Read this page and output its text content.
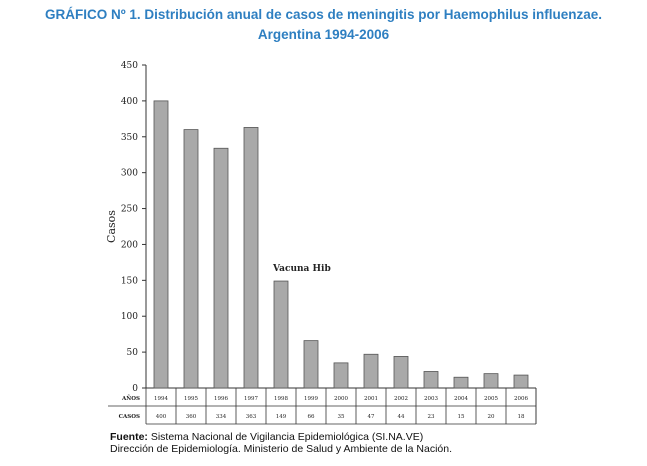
GRÁFICO Nº 1. Distribución anual de casos de meningitis por Haemophilus influenzae.
Argentina 1994-2006
0
50
100
150
200
250
300
350
400
450
Casos
Vacuna Hib
AÑOS
CASOS
1994
400
1995
360
1996
334
1997
363
1998
149
1999
66
2000
35
2001
47
2002
44
2003
23
2004
15
2005
20
2006
18
Fuente: Sistema Nacional de Vigilancia Epidemiológica (SI.NA.VE)
Dirección de Epidemiología. Ministerio de Salud y Ambiente de la Nación.
